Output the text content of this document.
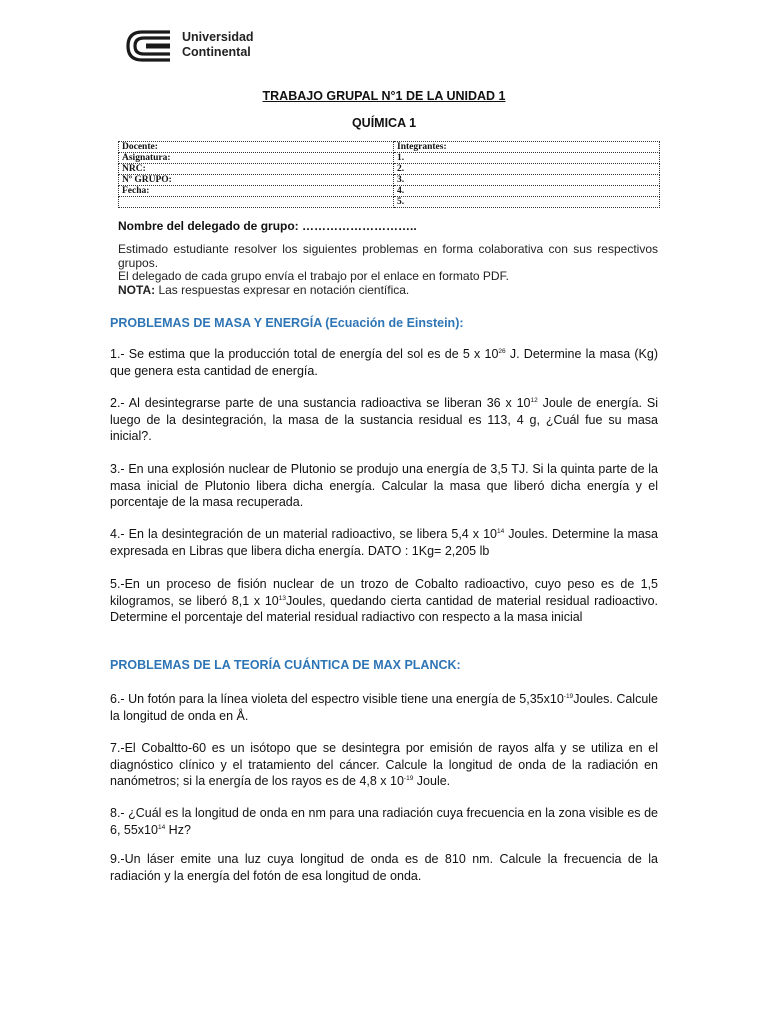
Universidad
Continental
TRABAJO GRUPAL N°1 DE LA UNIDAD 1
QUÍMICA 1
Docente:	Integrantes:
Asignatura:	1.
NRC:	2.
Nº GRUPO:	3.
Fecha:	4.
	5.
Nombre del delegado de grupo: ………………………..

Estimado estudiante resolver los siguientes problemas en forma colaborativa con sus respectivos grupos.

El delegado de cada grupo envía el trabajo por el enlace en formato PDF.

NOTA: Las respuestas expresar en notación científica.

PROBLEMAS DE MASA Y ENERGÍA (Ecuación de Einstein):
1.- Se estima que la producción total de energía del sol es de 5 x $10^{26}$ J. Determine la masa (Kg) que genera esta cantidad de energía.
2.- Al desintegrarse parte de una sustancia radioactiva se liberan 36 x $10^{12}$ Joule de energía. Si luego de la desintegración, la masa de la sustancia residual es 113, 4 g, ¿Cuál fue su masa inicial?.
3.- En una explosión nuclear de Plutonio se produjo una energía de 3,5 TJ. Si la quinta parte de la masa inicial de Plutonio libera dicha energía. Calcular la masa que liberó dicha energía y el porcentaje de la masa recuperada.
4.- En la desintegración de un material radioactivo, se libera 5,4 x $10^{14}$ Joules. Determine la masa expresada en Libras que libera dicha energía. DATO : 1Kg= 2,205 lb
5.-En un proceso de fisión nuclear de un trozo de Cobalto radioactivo, cuyo peso es de 1,5 kilogramos, se liberó 8,1 x $10^{13}Joules$, quedando cierta cantidad de material residual radioactivo. Determine el porcentaje del material residual radiactivo con respecto a la masa inicial
PROBLEMAS DE LA TEORÍA CUÁNTICA DE MAX PLANCK:
6.- Un fotón para la línea violeta del espectro visible tiene una energía de $5,35x10^{-19}Joules$. Calcule la longitud de onda en Å.
7.-El Cobaltto-60 es un isótopo que se desintegra por emisión de rayos alfa y se utiliza en el diagnóstico clínico y el tratamiento del cáncer. Calcule la longitud de onda de la radiación en nanómetros; si la energía de los rayos es de 4,8 x $10^{-19}$ Joule.
8.- ¿Cuál es la longitud de onda en nm para una radiación cuya frecuencia en la zona visible es de 6, $55x10^{14}$ Hz?
9.-Un láser emite una luz cuya longitud de onda es de 810 nm. Calcule la frecuencia de la radiación y la energía del fotón de esa longitud de onda.
